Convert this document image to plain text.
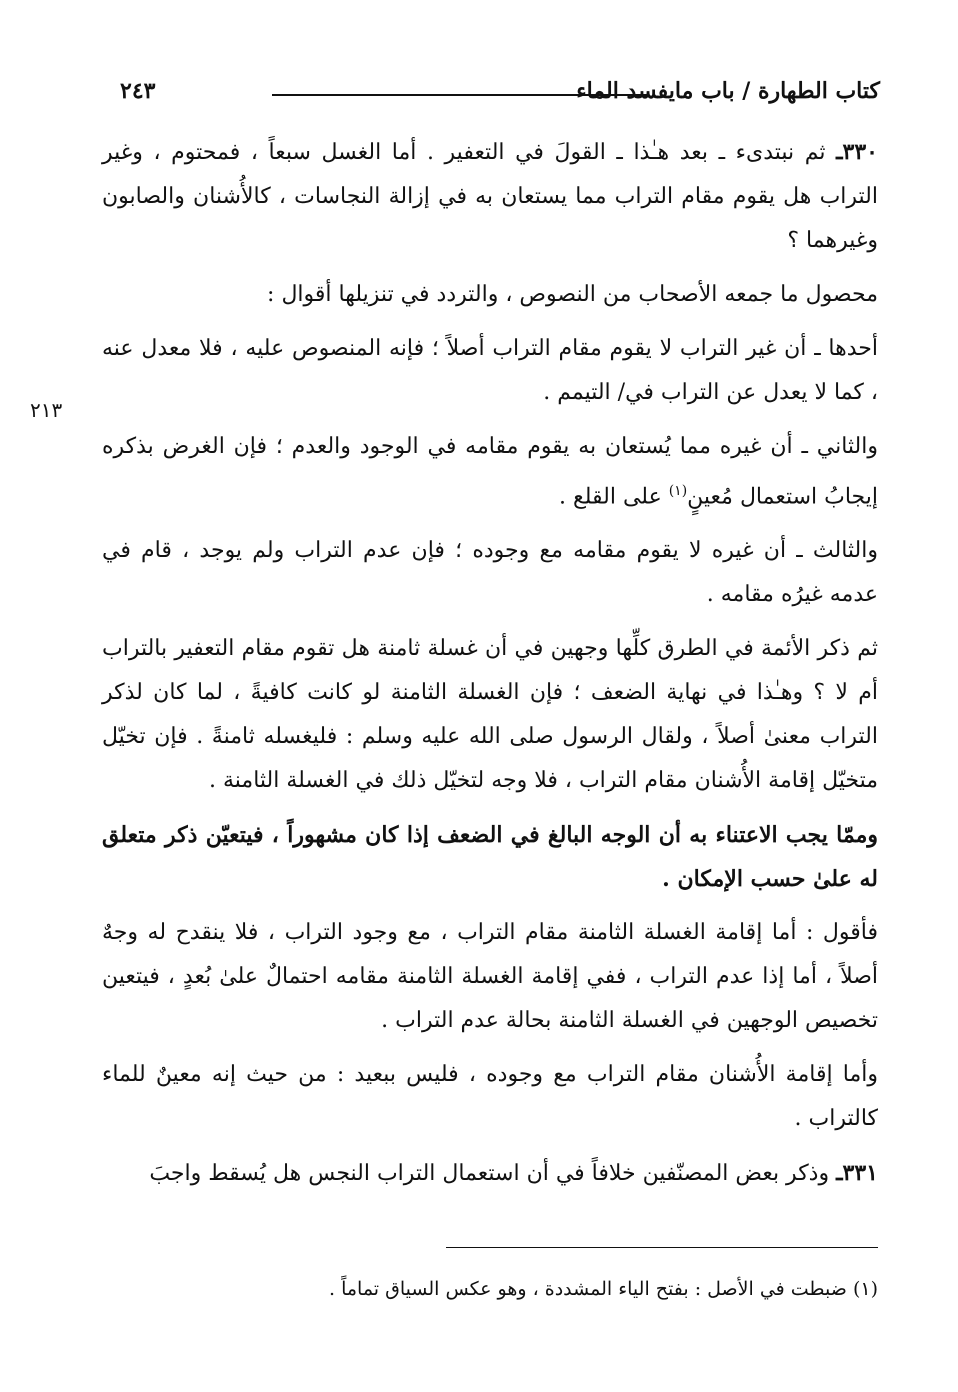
كتاب الطهارة / باب مايفسد الماء
٢٤٣
٢١٣

٣٣٠ـ ثم نبتدىء ـ بعد هـٰذا ـ القولَ في التعفير . أما الغسل سبعاً ، فمحتوم ، وغير التراب هل يقوم مقام التراب مما يستعان به في إزالة النجاسات ، كالأُشنان والصابون وغيرهما ؟

محصول ما جمعه الأصحاب من النصوص ، والتردد في تنزيلها أقوال :

أحدها ـ أن غير التراب لا يقوم مقام التراب أصلاً ؛ فإنه المنصوص عليه ، فلا معدل عنه ، كما لا يعدل عن التراب في/ التيمم .

والثاني ـ أن غيره مما يُستعان به يقوم مقامه في الوجود والعدم ؛ فإن الغرض بذكره إيجابُ استعمال مُعينٍ$^{(١)}$ على القلع .

والثالث ـ أن غيره لا يقوم مقامه مع وجوده ؛ فإن عدم التراب ولم يوجد ، قام في عدمه غيرُه مقامه .

ثم ذكر الأئمة في الطرق كلِّها وجهين في أن غسلة ثامنة هل تقوم مقام التعفير بالتراب أم لا ؟ وهـٰذا في نهاية الضعف ؛ فإن الغسلة الثامنة لو كانت كافيةً ، لما كان لذكر التراب معنىٰ أصلاً ، ولقال الرسول صلى الله عليه وسلم : فليغسله ثامنةً . فإن تخيّل متخيّل إقامة الأُشنان مقام التراب ، فلا وجه لتخيّل ذلك في الغسلة الثامنة .

وممّا يجب الاعتناء به أن الوجه البالغ في الضعف إذا كان مشهوراً ، فيتعيّن ذكر متعلق له علىٰ حسب الإمكان .

فأقول : أما إقامة الغسلة الثامنة مقام التراب ، مع وجود التراب ، فلا ينقدح له وجهٌ أصلاً ، أما إذا عدم التراب ، ففي إقامة الغسلة الثامنة مقامه احتمالٌ علىٰ بُعدٍ ، فيتعين تخصيص الوجهين في الغسلة الثامنة بحالة عدم التراب .

وأما إقامة الأُشنان مقام التراب مع وجوده ، فليس ببعيد : من حيث إنه معينٌ للماء كالتراب .

٣٣١ـ وذكر بعض المصنّفين خلافاً في أن استعمال التراب النجس هل يُسقط واجبَ

(١) ضبطت في الأصل : بفتح الياء المشددة ، وهو عكس السياق تماماً .
